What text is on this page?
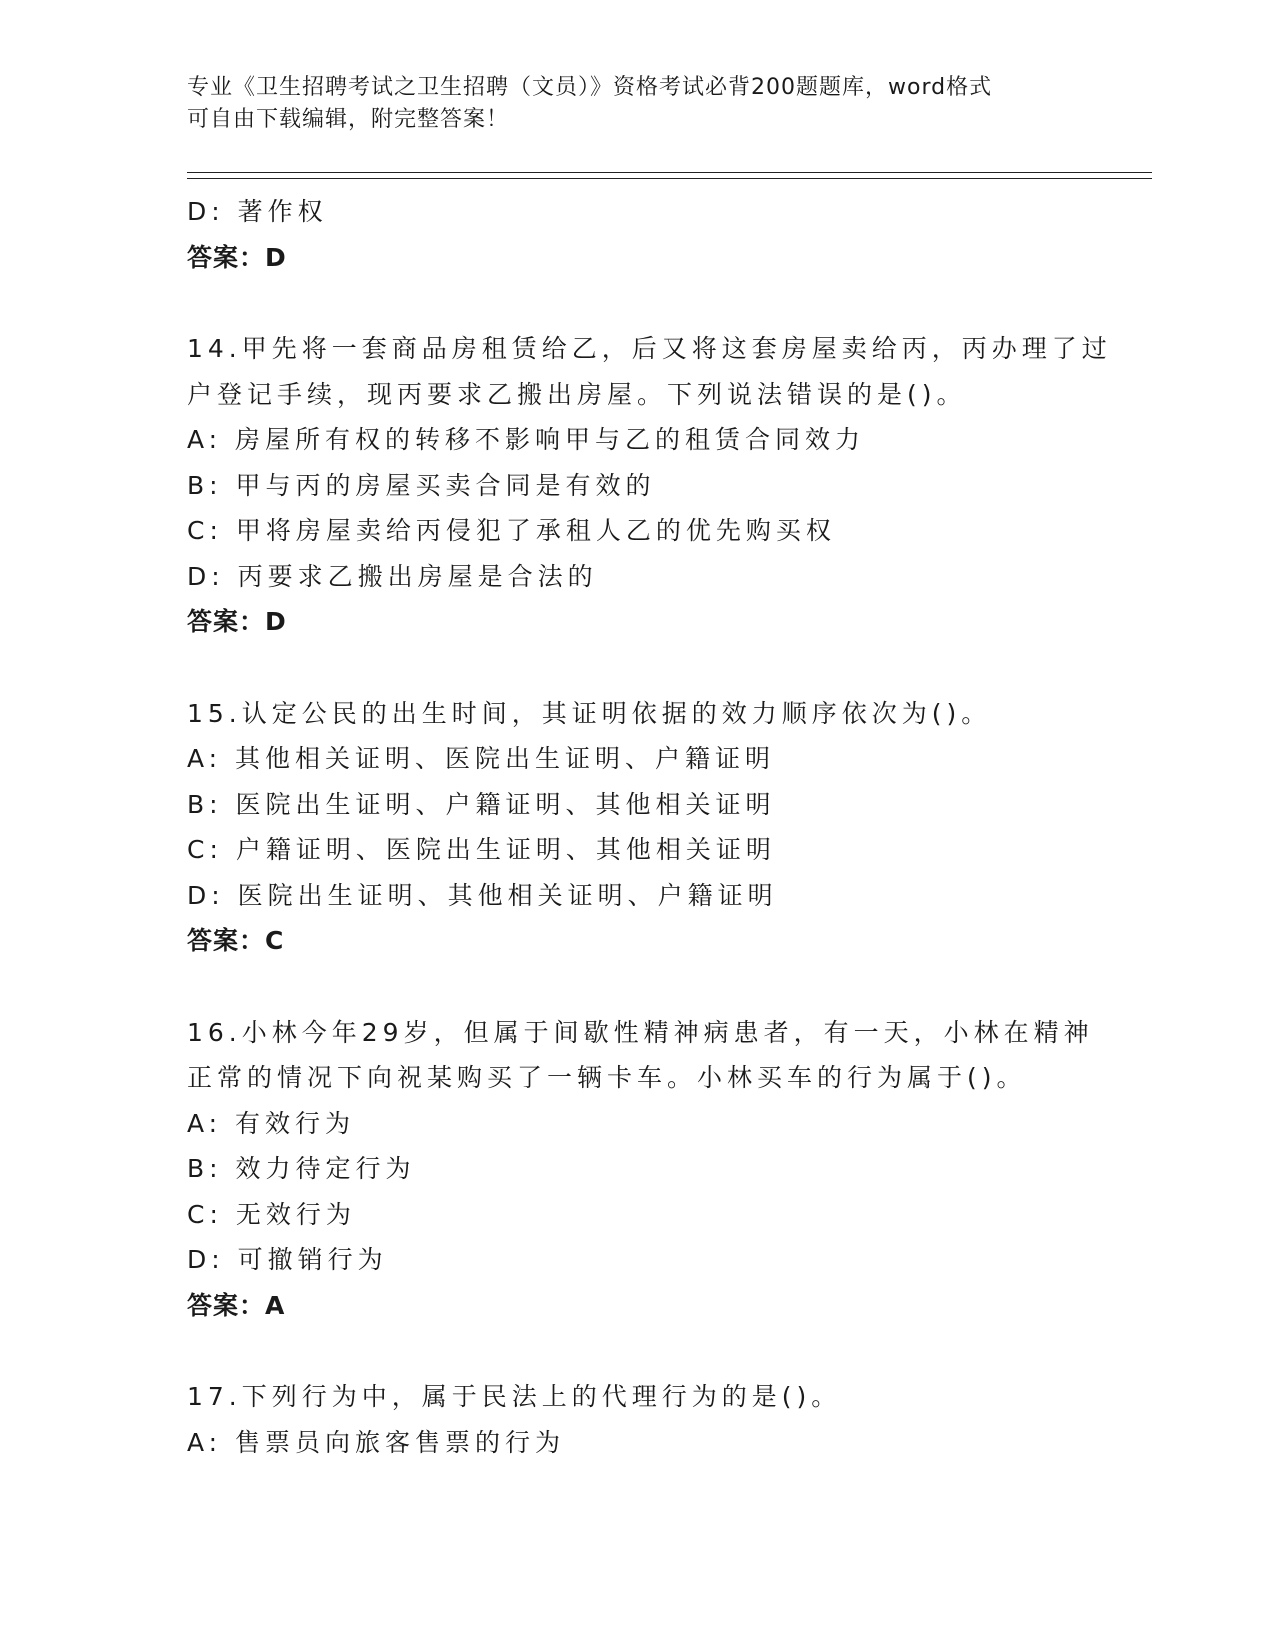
专业《卫生招聘考试之卫生招聘（文员）》资格考试必背200题题库，word格式
可自由下载编辑，附完整答案！
D: 著作权
答案：D
14.甲先将一套商品房租赁给乙，后又将这套房屋卖给丙，丙办理了过
户登记手续，现丙要求乙搬出房屋。下列说法错误的是()。
A: 房屋所有权的转移不影响甲与乙的租赁合同效力
B: 甲与丙的房屋买卖合同是有效的
C: 甲将房屋卖给丙侵犯了承租人乙的优先购买权
D: 丙要求乙搬出房屋是合法的
答案：D
15.认定公民的出生时间，其证明依据的效力顺序依次为()。
A: 其他相关证明、医院出生证明、户籍证明
B: 医院出生证明、户籍证明、其他相关证明
C: 户籍证明、医院出生证明、其他相关证明
D: 医院出生证明、其他相关证明、户籍证明
答案：C
16.小林今年29岁，但属于间歇性精神病患者，有一天，小林在精神
正常的情况下向祝某购买了一辆卡车。小林买车的行为属于()。
A: 有效行为
B: 效力待定行为
C: 无效行为
D: 可撤销行为
答案：A
17.下列行为中，属于民法上的代理行为的是()。
A: 售票员向旅客售票的行为
